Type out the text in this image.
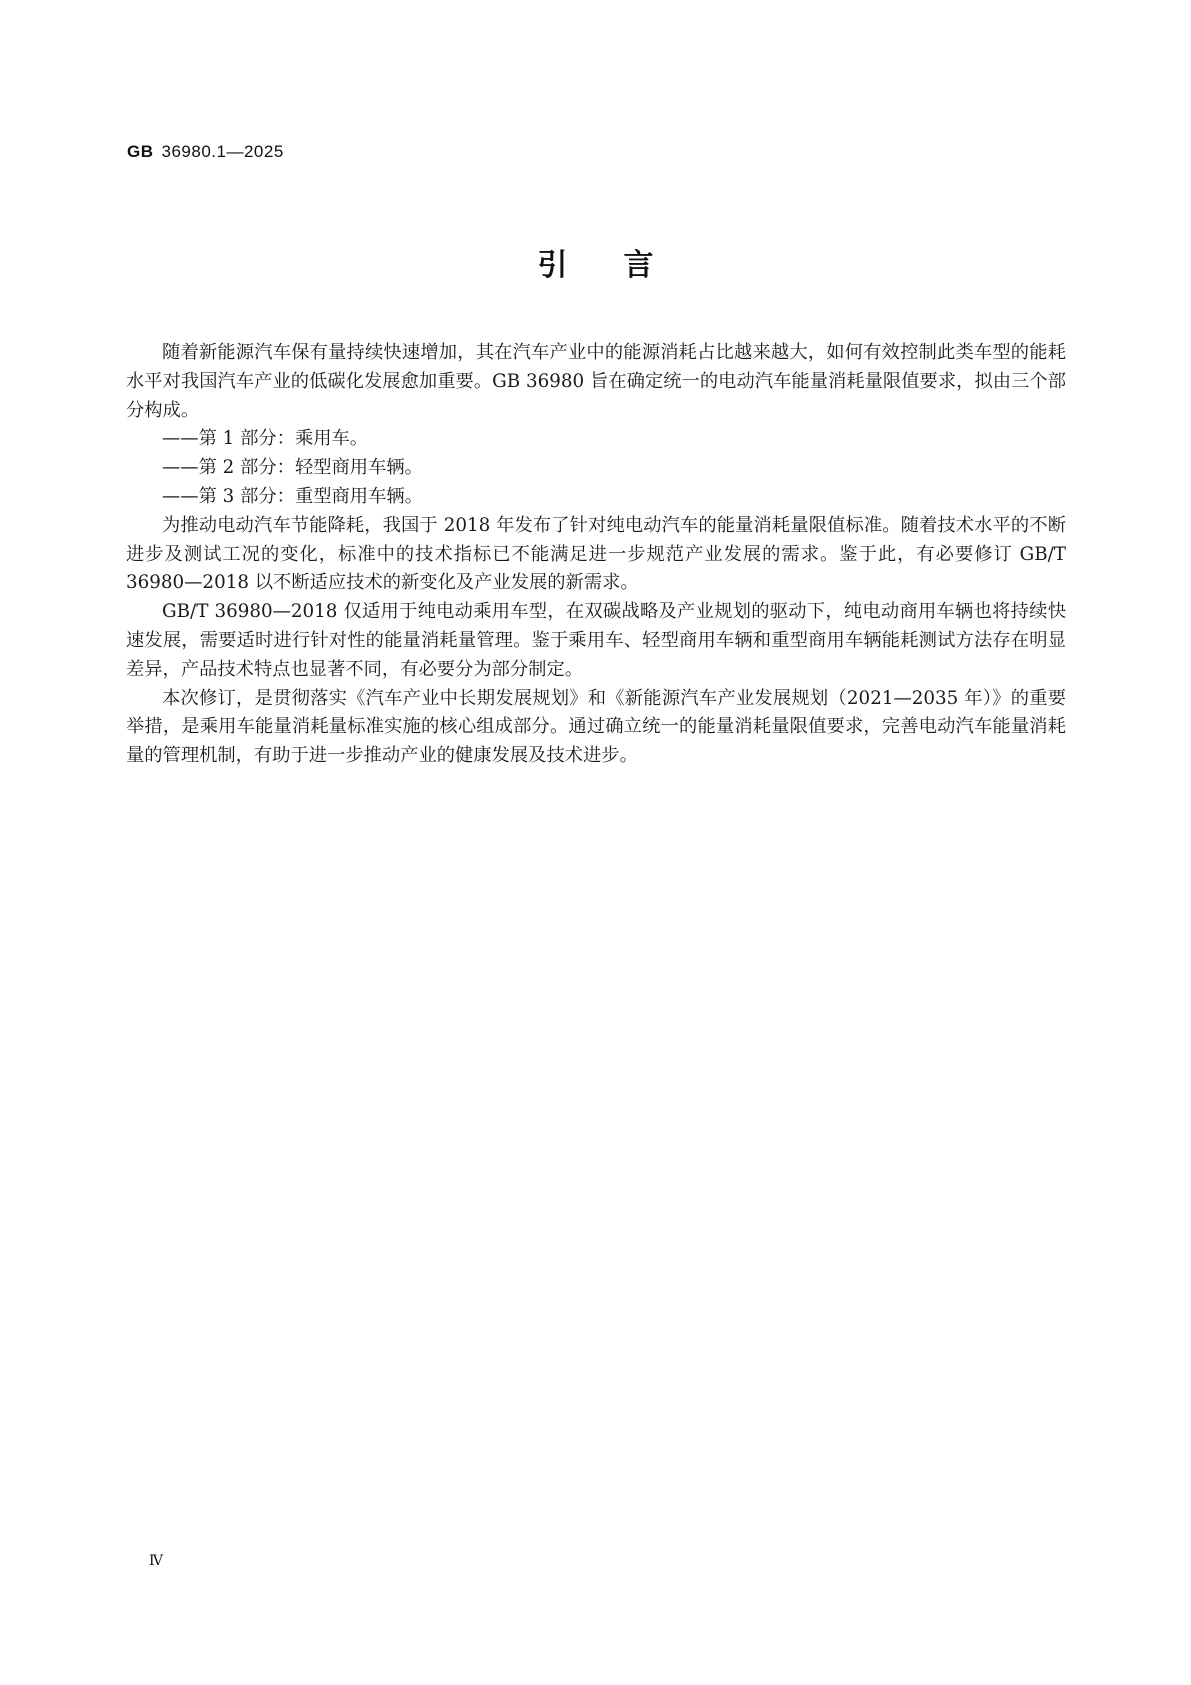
GB 36980.1—2025
引言

随着新能源汽车保有量持续快速增加，其在汽车产业中的能源消耗占比越来越大，如何有效控制此类车型的能耗水平对我国汽车产业的低碳化发展愈加重要。GB 36980 旨在确定统一的电动汽车能量消耗量限值要求，拟由三个部分构成。

——第 1 部分：乘用车。

——第 2 部分：轻型商用车辆。

——第 3 部分：重型商用车辆。

为推动电动汽车节能降耗，我国于 2018 年发布了针对纯电动汽车的能量消耗量限值标准。随着技术水平的不断进步及测试工况的变化，标准中的技术指标已不能满足进一步规范产业发展的需求。鉴于此，有必要修订 GB/T 36980—2018 以不断适应技术的新变化及产业发展的新需求。

GB/T 36980—2018 仅适用于纯电动乘用车型，在双碳战略及产业规划的驱动下，纯电动商用车辆也将持续快速发展，需要适时进行针对性的能量消耗量管理。鉴于乘用车、轻型商用车辆和重型商用车辆能耗测试方法存在明显差异，产品技术特点也显著不同，有必要分为部分制定。

本次修订，是贯彻落实《汽车产业中长期发展规划》和《新能源汽车产业发展规划（2021—2035 年）》的重要举措，是乘用车能量消耗量标准实施的核心组成部分。通过确立统一的能量消耗量限值要求，完善电动汽车能量消耗量的管理机制，有助于进一步推动产业的健康发展及技术进步。

Ⅳ
